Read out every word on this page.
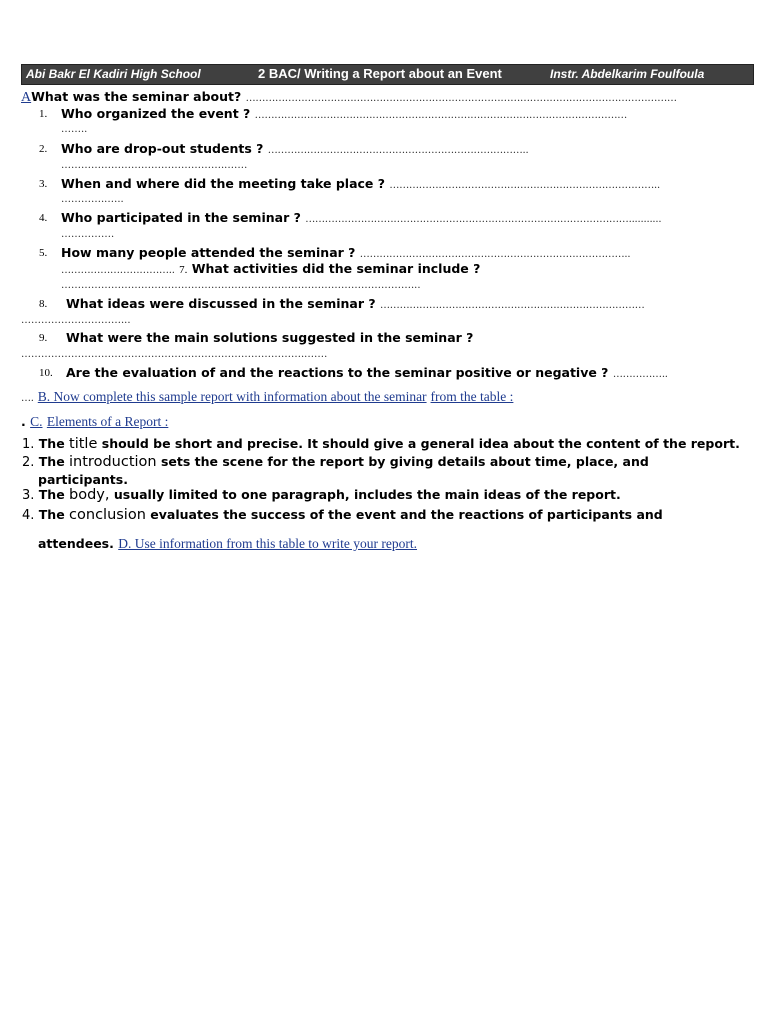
Abi Bakr El Kadiri High School	2 BAC/ Writing a Report about an Event	Instr. Abdelkarim Foulfoula
AWhat was the seminar about? ……………………………………………………………………………………………………………………
1. Who organized the event ? ……………………………………………………………………………………………………
……..
2. Who are drop-out students ? ……………………………………………………………………..
…………………………………………..……
3. When and where did the meeting take place ? ………………………………………………………………………..
…………..…..
4. Who participated in the seminar ? ………………………………………………………………………………………...........
…………….
5. How many people attended the seminar ? ………………………………………………………………………..
…………………………….. 7. What activities did the seminar include ?
……………………………………………………………………………………………...
8. What ideas were discussed in the seminar ? ………………………………………………………………………
…………………………...
9. What were the main solutions suggested in the seminar ?
…………………………………………………………………………..……
10. Are the evaluation of and the reactions to the seminar positive or negative ? ……………..
…. B. Now complete this sample report with information about the seminar from the table :
. C. Elements of a Report :
1. The title should be short and precise. It should give a general idea about the content of the report.
2. The introduction sets the scene for the report by giving details about time, place, and
participants.
3. The body, usually limited to one paragraph, includes the main ideas of the report.
4. The conclusion evaluates the success of the event and the reactions of participants and
attendees. D. Use information from this table to write your report.
